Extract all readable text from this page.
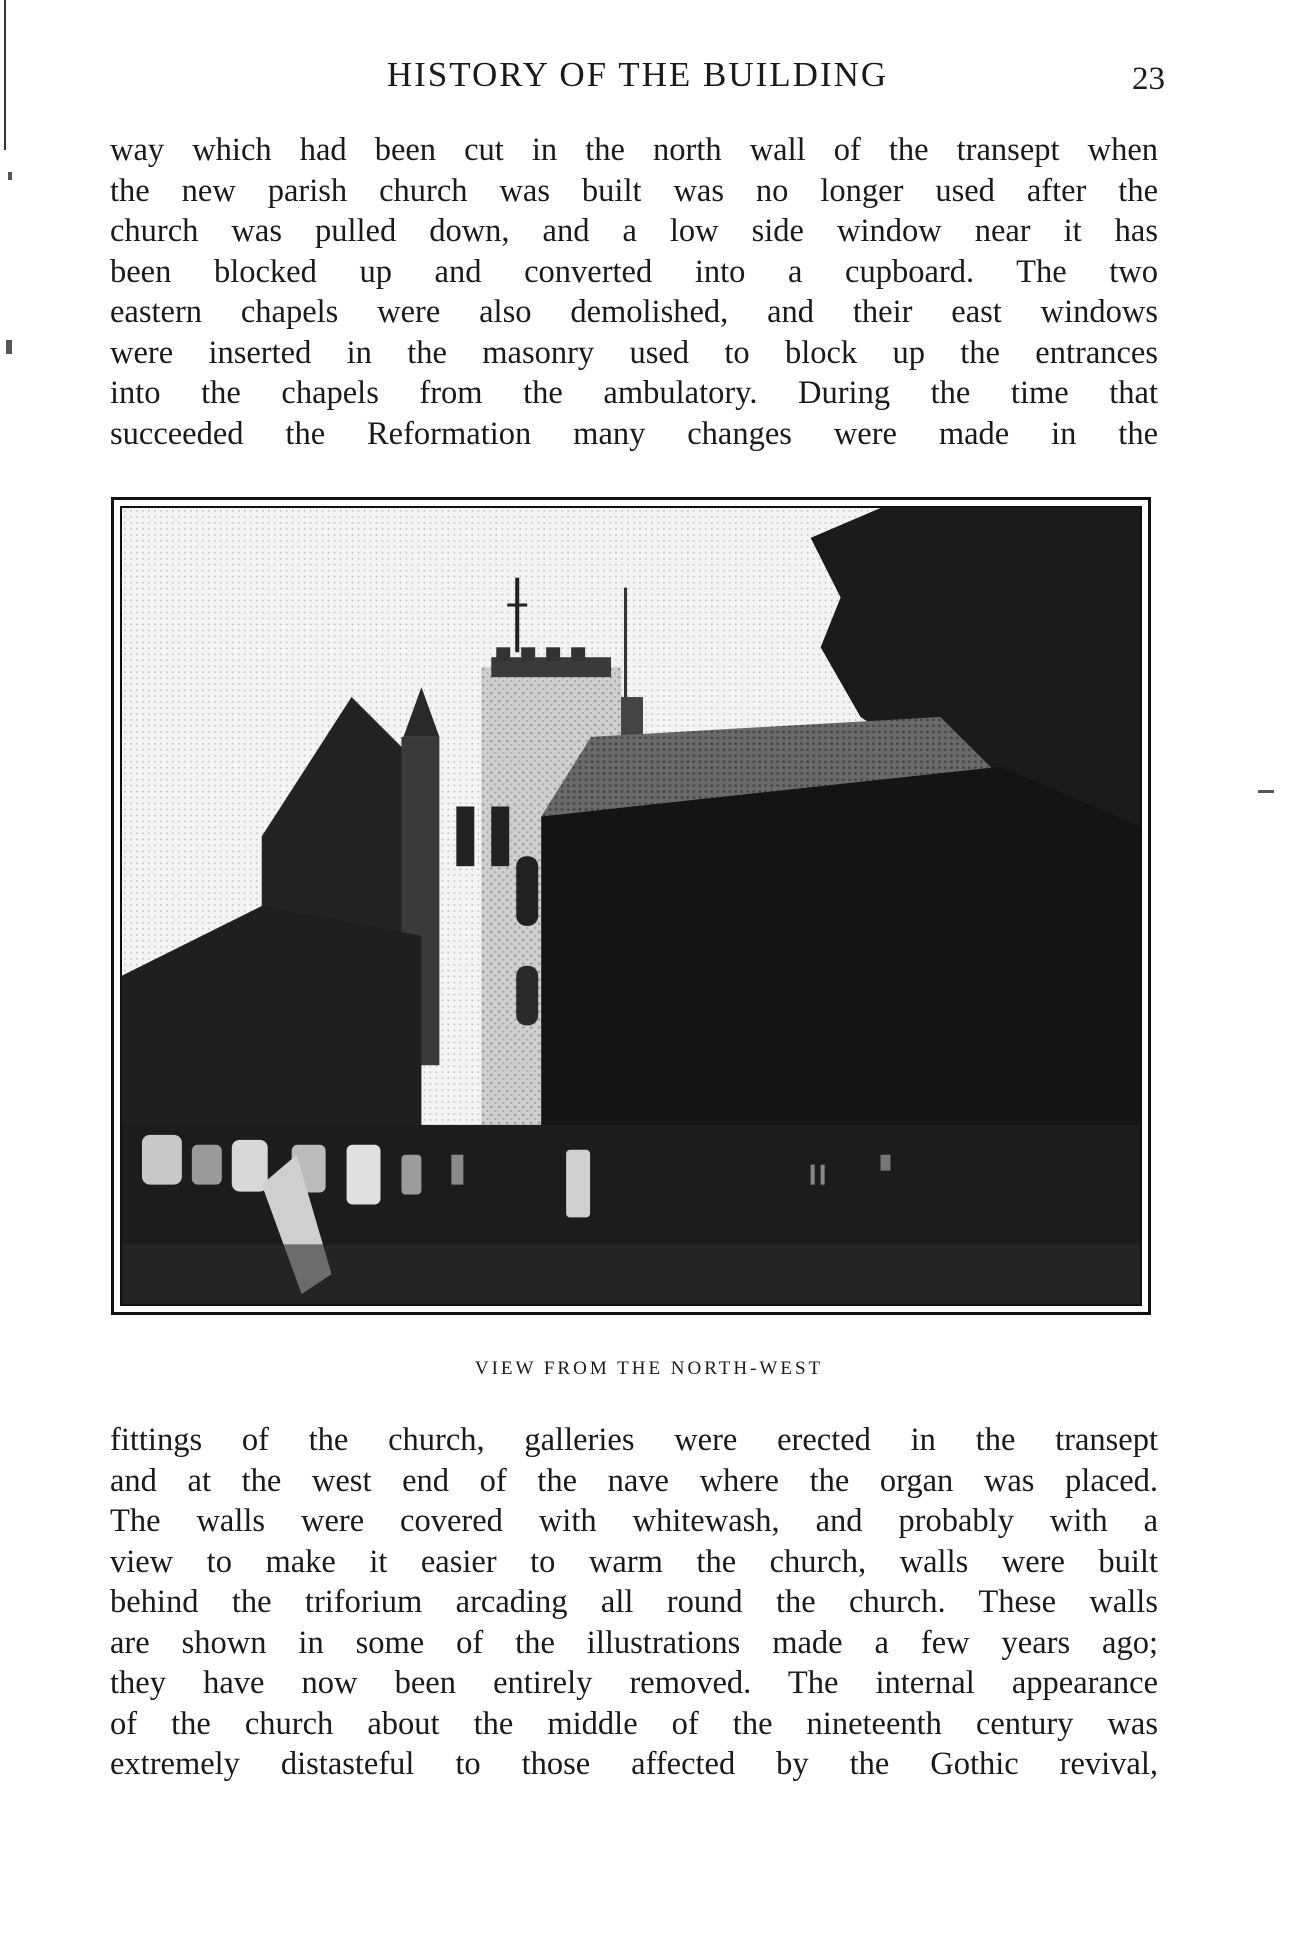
HISTORY OF THE BUILDING	23

way which had been cut in the north wall of the transept when
the new parish church was built was no longer used after the
church was pulled down, and a low side window near it has
been blocked up and converted into a cupboard. The two
eastern chapels were also demolished, and their east windows
were inserted in the masonry used to block up the entrances
into the chapels from the ambulatory. During the time that
succeeded the Reformation many changes were made in the

VIEW FROM THE NORTH-WEST

fittings of the church, galleries were erected in the transept
and at the west end of the nave where the organ was placed.
The walls were covered with whitewash, and probably with a
view to make it easier to warm the church, walls were built
behind the triforium arcading all round the church. These walls
are shown in some of the illustrations made a few years ago;
they have now been entirely removed. The internal appearance
of the church about the middle of the nineteenth century was
extremely distasteful to those affected by the Gothic revival,
